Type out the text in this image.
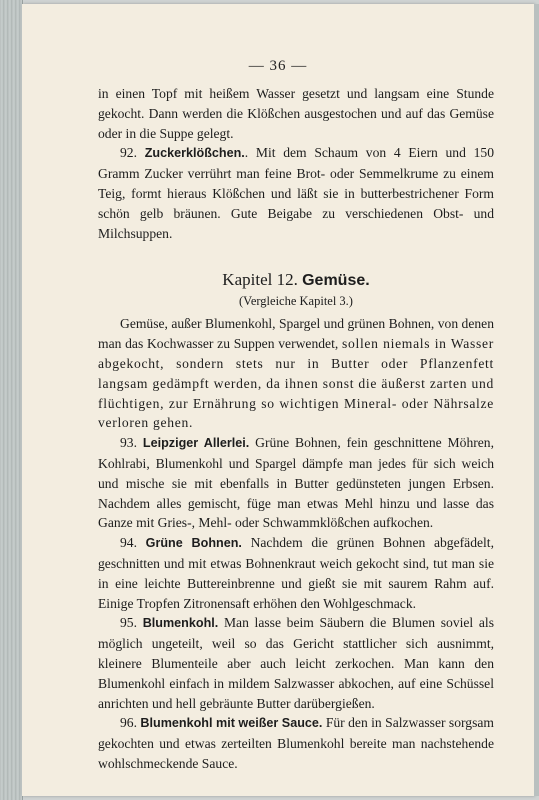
— 36 —

in einen Topf mit heißem Wasser gesetzt und langsam eine Stunde gekocht. Dann werden die Klößchen ausgestochen und auf das Gemüse oder in die Suppe gelegt.

92. Zuckerklößchen.. Mit dem Schaum von 4 Eiern und 150 Gramm Zucker verrührt man feine Brot- oder Semmelkrume zu einem Teig, formt hieraus Klößchen und läßt sie in butterbestrichener Form schön gelb bräunen. Gute Beigabe zu verschiedenen Obst- und Milchsuppen.

Kapitel 12. Gemüse.
(Vergleiche Kapitel 3.)

Gemüse, außer Blumenkohl, Spargel und grünen Bohnen, von denen man das Kochwasser zu Suppen verwendet, sollen niemals in Wasser abgekocht, sondern stets nur in Butter oder Pflanzenfett langsam gedämpft werden, da ihnen sonst die äußerst zarten und flüchtigen, zur Ernährung so wichtigen Mineral- oder Nährsalze verloren gehen.

93. Leipziger Allerlei. Grüne Bohnen, fein geschnittene Möhren, Kohlrabi, Blumenkohl und Spargel dämpfe man jedes für sich weich und mische sie mit ebenfalls in Butter gedünsteten jungen Erbsen. Nachdem alles gemischt, füge man etwas Mehl hinzu und lasse das Ganze mit Gries-, Mehl- oder Schwammklößchen aufkochen.

94. Grüne Bohnen. Nachdem die grünen Bohnen abgefädelt, geschnitten und mit etwas Bohnenkraut weich gekocht sind, tut man sie in eine leichte Buttereinbrenne und gießt sie mit saurem Rahm auf. Einige Tropfen Zitronensaft erhöhen den Wohlgeschmack.

95. Blumenkohl. Man lasse beim Säubern die Blumen soviel als möglich ungeteilt, weil so das Gericht stattlicher sich ausnimmt, kleinere Blumenteile aber auch leicht zerkochen. Man kann den Blumenkohl einfach in mildem Salzwasser abkochen, auf eine Schüssel anrichten und hell gebräunte Butter darübergießen.

96. Blumenkohl mit weißer Sauce. Für den in Salzwasser sorgsam gekochten und etwas zerteilten Blumenkohl bereite man nachstehende wohlschmeckende Sauce.
